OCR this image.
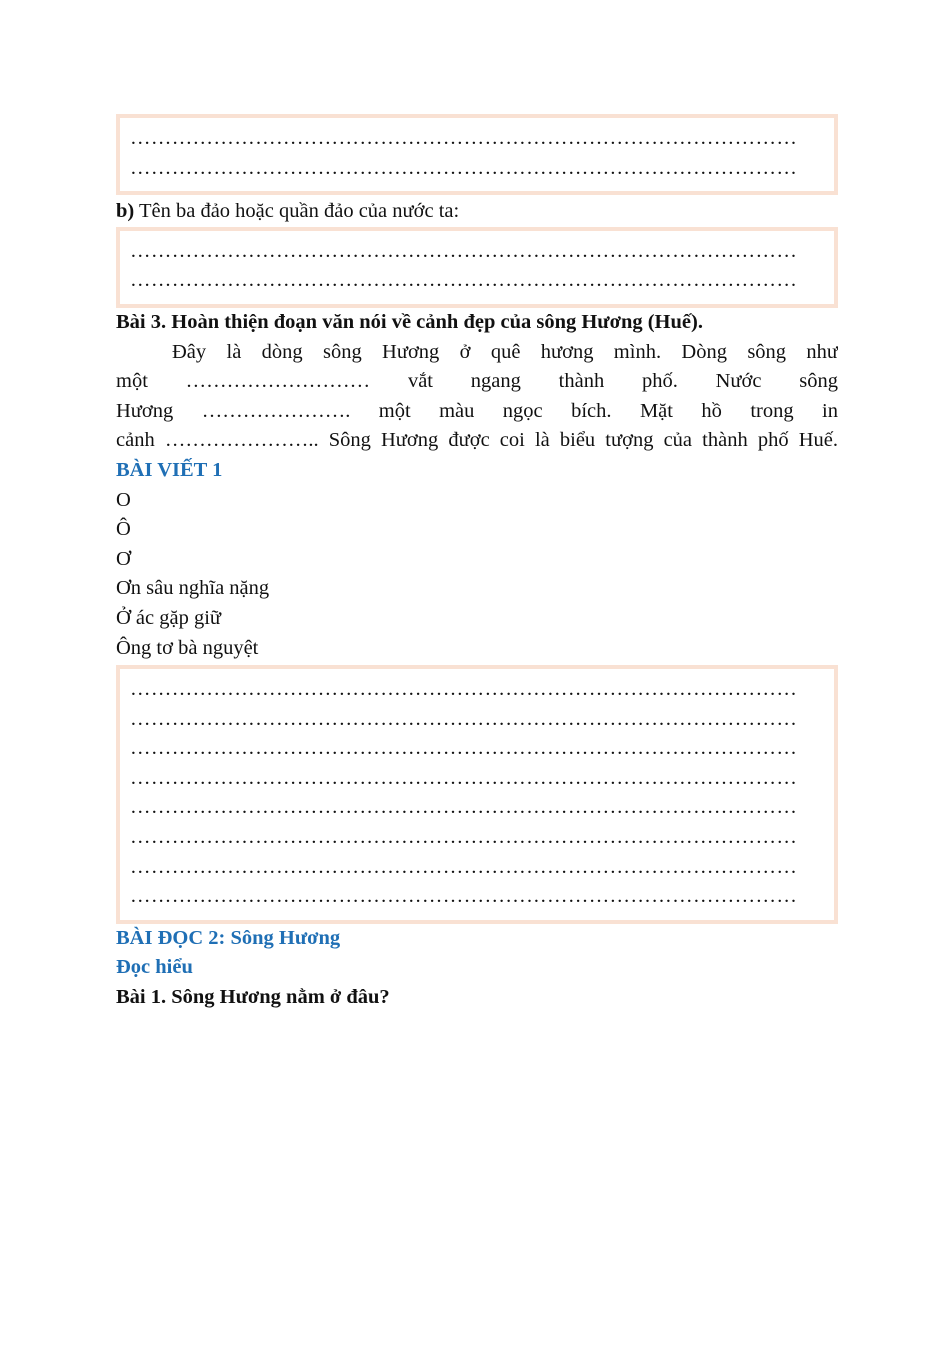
……………………………………………………………………………………
……………………………………………………………………………………
b) Tên ba đảo hoặc quần đảo của nước ta:
……………………………………………………………………………………
……………………………………………………………………………………
Bài 3. Hoàn thiện đoạn văn nói về cảnh đẹp của sông Hương (Huế).
Đây là dòng sông Hương ở quê hương mình. Dòng sông như
một ……………………… vắt ngang thành phố. Nước sông
Hương …………………. một màu ngọc bích. Mặt hồ trong in
cảnh ………………….. Sông Hương được coi là biểu tượng của thành phố Huế.
BÀI VIẾT 1
O
Ô
Ơ
Ơn sâu nghĩa nặng
Ở ác gặp giữ
Ông tơ bà nguyệt
……………………………………………………………………………………
……………………………………………………………………………………
……………………………………………………………………………………
……………………………………………………………………………………
……………………………………………………………………………………
……………………………………………………………………………………
……………………………………………………………………………………
……………………………………………………………………………………
BÀI ĐỌC 2: Sông Hương
Đọc hiểu
Bài 1. Sông Hương nằm ở đâu?
